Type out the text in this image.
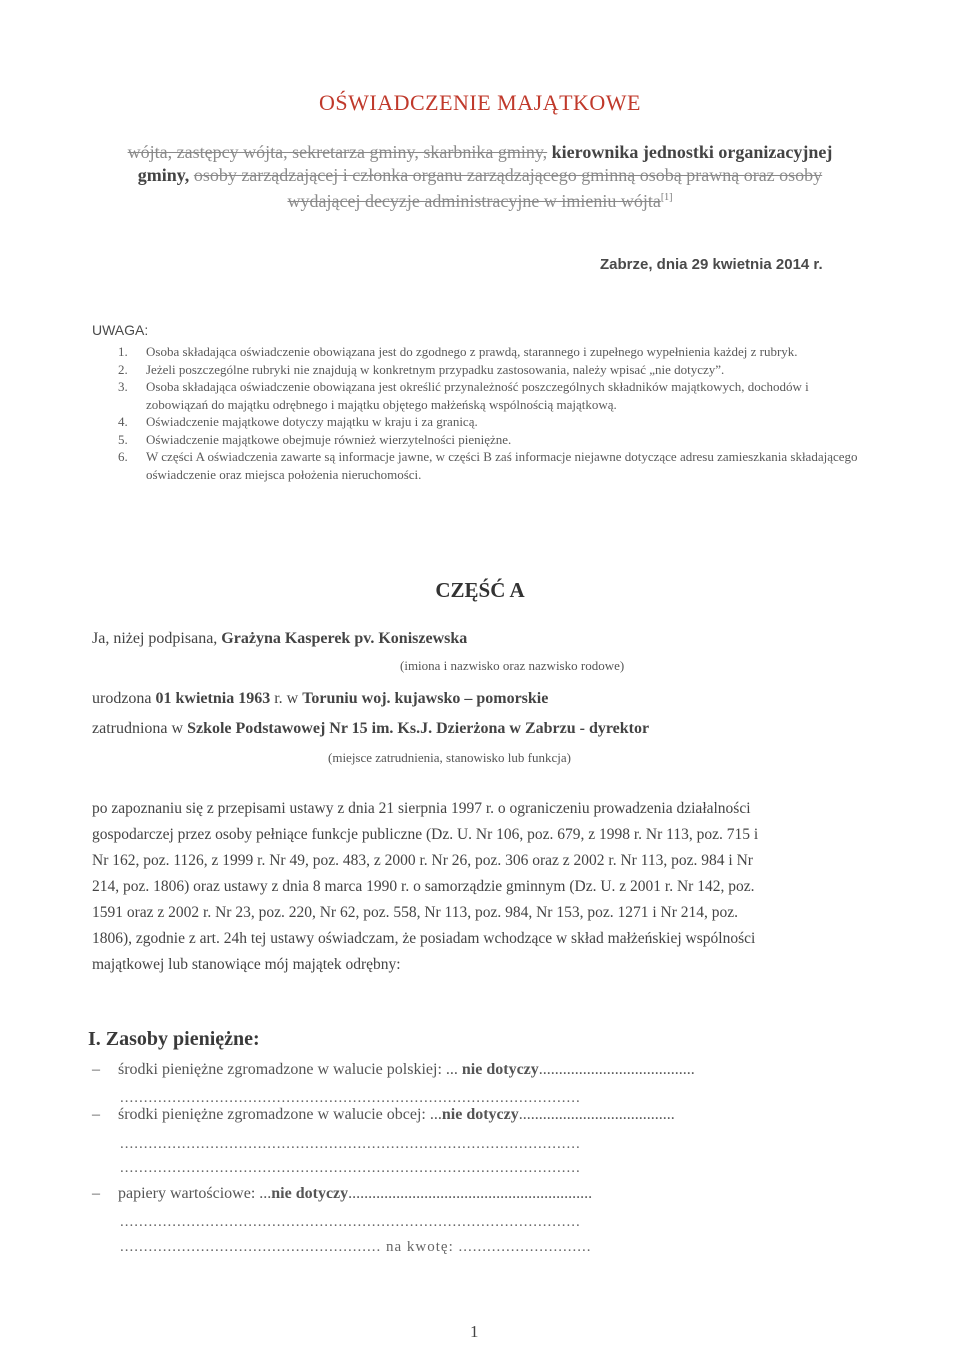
OŚWIADCZENIE MAJĄTKOWE
wójta, zastępcy wójta, sekretarza gminy, skarbnika gminy, kierownika jednostki organizacyjnej
gminy, osoby zarządzającej i członka organu zarządzającego gminną osobą prawną oraz osoby
wydającej decyzje administracyjne w imieniu wójta[1]
Zabrze, dnia 29 kwietnia 2014 r.
UWAGA:
1. Osoba składająca oświadczenie obowiązana jest do zgodnego z prawdą, starannego i zupełnego wypełnienia każdej z rubryk.
2. Jeżeli poszczególne rubryki nie znajdują w konkretnym przypadku zastosowania, należy wpisać „nie dotyczy”.
3. Osoba składająca oświadczenie obowiązana jest określić przynależność poszczególnych składników majątkowych, dochodów i zobowiązań do majątku odrębnego i majątku objętego małżeńską wspólnością majątkową.
4. Oświadczenie majątkowe dotyczy majątku w kraju i za granicą.
5. Oświadczenie majątkowe obejmuje również wierzytelności pieniężne.
6. W części A oświadczenia zawarte są informacje jawne, w części B zaś informacje niejawne dotyczące adresu zamieszkania składającego oświadczenie oraz miejsca położenia nieruchomości.
CZĘŚĆ A
Ja, niżej podpisana, Grażyna Kasperek pv. Koniszewska
(imiona i nazwisko oraz nazwisko rodowe)
urodzona 01 kwietnia 1963 r. w Toruniu woj. kujawsko – pomorskie
zatrudniona w Szkole Podstawowej Nr 15 im. Ks.J. Dzierżona w Zabrzu - dyrektor
(miejsce zatrudnienia, stanowisko lub funkcja)
po zapoznaniu się z przepisami ustawy z dnia 21 sierpnia 1997 r. o ograniczeniu prowadzenia działalności
gospodarczej przez osoby pełniące funkcje publiczne (Dz. U. Nr 106, poz. 679, z 1998 r. Nr 113, poz. 715 i
Nr 162, poz. 1126, z 1999 r. Nr 49, poz. 483, z 2000 r. Nr 26, poz. 306 oraz z 2002 r. Nr 113, poz. 984 i Nr
214, poz. 1806) oraz ustawy z dnia 8 marca 1990 r. o samorządzie gminnym (Dz. U. z 2001 r. Nr 142, poz.
1591 oraz z 2002 r. Nr 23, poz. 220, Nr 62, poz. 558, Nr 113, poz. 984, Nr 153, poz. 1271 i Nr 214, poz.
1806), zgodnie z art. 24h tej ustawy oświadczam, że posiadam wchodzące w skład małżeńskiej wspólności
majątkowej lub stanowiące mój majątek odrębny:
I. Zasoby pieniężne:
– środki pieniężne zgromadzone w walucie polskiej: ... nie dotyczy.......................................
.................................................................................................
– środki pieniężne zgromadzone w walucie obcej: ...nie dotyczy.......................................
.................................................................................................
.................................................................................................
– papiery wartościowe: ...nie dotyczy.............................................................
.................................................................................................
....................................................... na kwotę: ............................
1
